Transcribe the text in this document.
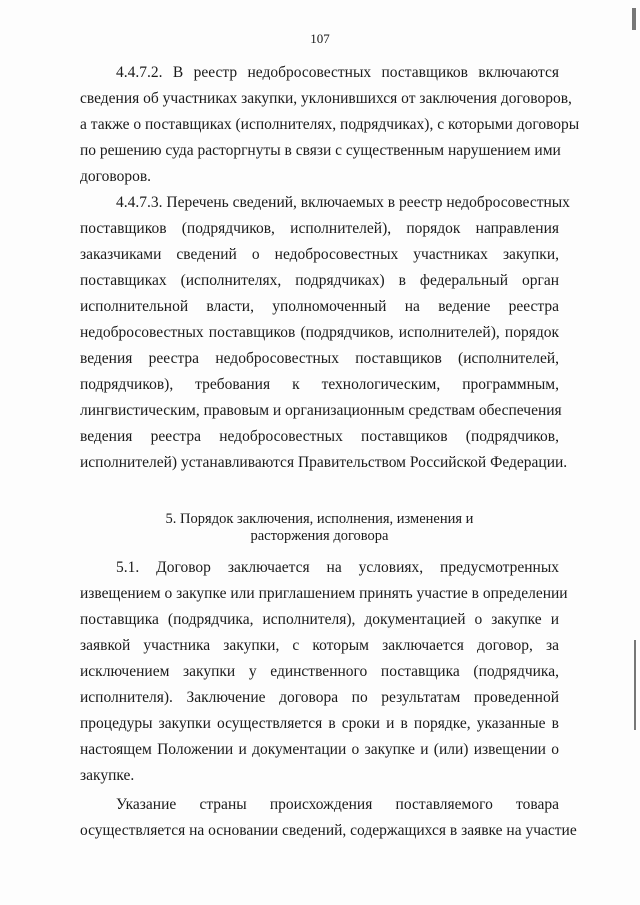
107
4.4.7.2. В реестр недобросовестных поставщиков включаются
сведения об участниках закупки, уклонившихся от заключения договоров,
а также о поставщиках (исполнителях, подрядчиках), с которыми договоры
по решению суда расторгнуты в связи с существенным нарушением ими
договоров.
4.4.7.3. Перечень сведений, включаемых в реестр недобросовестных
поставщиков (подрядчиков, исполнителей), порядок направления
заказчиками сведений о недобросовестных участниках закупки,
поставщиках (исполнителях, подрядчиках) в федеральный орган
исполнительной власти, уполномоченный на ведение реестра
недобросовестных поставщиков (подрядчиков, исполнителей), порядок
ведения реестра недобросовестных поставщиков (исполнителей,
подрядчиков), требования к технологическим, программным,
лингвистическим, правовым и организационным средствам обеспечения
ведения реестра недобросовестных поставщиков (подрядчиков,
исполнителей) устанавливаются Правительством Российской Федерации.
5. Порядок заключения, исполнения, изменения и
расторжения договора
5.1. Договор заключается на условиях, предусмотренных
извещением о закупке или приглашением принять участие в определении
поставщика (подрядчика, исполнителя), документацией о закупке и
заявкой участника закупки, с которым заключается договор, за
исключением закупки у единственного поставщика (подрядчика,
исполнителя). Заключение договора по результатам проведенной
процедуры закупки осуществляется в сроки и в порядке, указанные в
настоящем Положении и документации о закупке и (или) извещении о
закупке.
Указание страны происхождения поставляемого товара
осуществляется на основании сведений, содержащихся в заявке на участие
